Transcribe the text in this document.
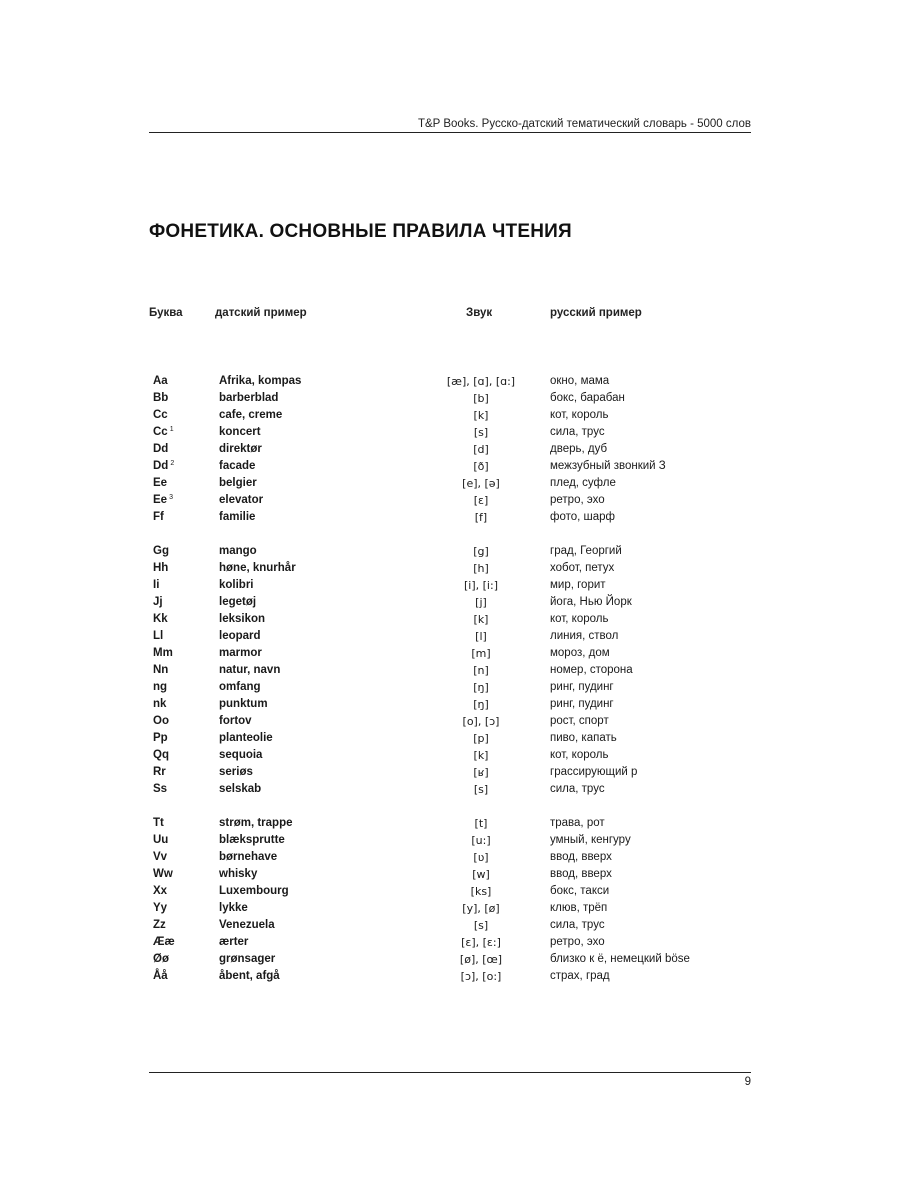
T&P Books. Русско-датский тематический словарь - 5000 слов
ФОНЕТИКА. ОСНОВНЫЕ ПРАВИЛА ЧТЕНИЯ
Буква	датский пример	Звук	русский пример
Aa	Afrika, kompas	[æ], [ɑ], [ɑ:]	окно, мама
Bb	barberblad	[b]	бокс, барабан
Cc	cafe, creme	[k]	кот, король
Cc $^1$	koncert	[s]	сила, трус
Dd	direktør	[d]	дверь, дуб
Dd $^2$	facade	[ð]	межзубный звонкий З
Ee	belgier	[e], [ə]	плед, суфле
Ee $^3$	elevator	[ɛ]	ретро, эхо
Ff	familie	[f]	фото, шарф
Gg	mango	[g]	град, Георгий
Hh	høne, knurhår	[h]	хобот, петух
Ii	kolibri	[i], [i:]	мир, горит
Jj	legetøj	[j]	йога, Нью Йорк
Kk	leksikon	[k]	кот, король
Ll	leopard	[l]	линия, ствол
Mm	marmor	[m]	мороз, дом
Nn	natur, navn	[n]	номер, сторона
ng	omfang	[ŋ]	ринг, пудинг
nk	punktum	[ŋ]	ринг, пудинг
Oo	fortov	[o], [ɔ]	рост, спорт
Pp	planteolie	[p]	пиво, капать
Qq	sequoia	[k]	кот, король
Rr	seriøs	[ʁ]	грассирующий р
Ss	selskab	[s]	сила, трус
Tt	strøm, trappe	[t]	трава, рот
Uu	blæksprutte	[u:]	умный, кенгуру
Vv	børnehave	[ʋ]	ввод, вверх
Ww	whisky	[w]	ввод, вверх
Xx	Luxembourg	[ks]	бокс, такси
Yy	lykke	[y], [ø]	клюв, трёп
Zz	Venezuela	[s]	сила, трус
Ææ	ærter	[ɛ], [ɛ:]	ретро, эхо
Øø	grønsager	[ø], [œ]	близко к ё, немецкий böse
Åå	åbent, afgå	[ɔ], [o:]	страх, град
9
